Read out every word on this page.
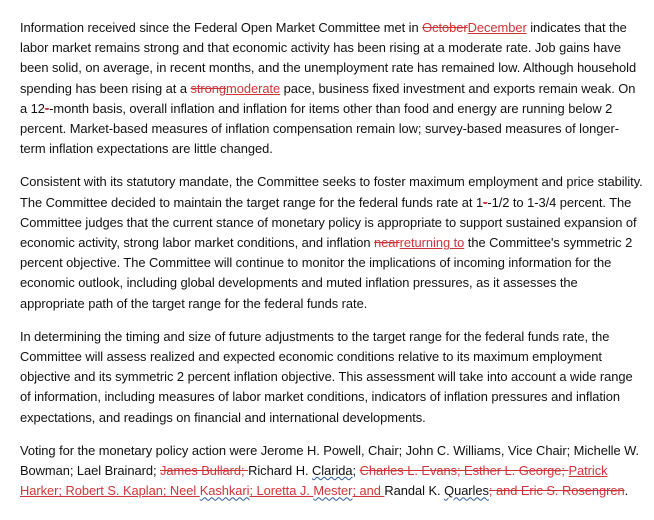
Information received since the Federal Open Market Committee met in OctoberDecember indicates that the labor market remains strong and that economic activity has been rising at a moderate rate. Job gains have been solid, on average, in recent months, and the unemployment rate has remained low. Although household spending has been rising at a strongmoderate pace, business fixed investment and exports remain weak. On a 12--month basis, overall inflation and inflation for items other than food and energy are running below 2 percent. Market-based measures of inflation compensation remain low; survey-based measures of longer-term inflation expectations are little changed.

Consistent with its statutory mandate, the Committee seeks to foster maximum employment and price stability. The Committee decided to maintain the target range for the federal funds rate at 1--1/2 to 1-3/4 percent. The Committee judges that the current stance of monetary policy is appropriate to support sustained expansion of economic activity, strong labor market conditions, and inflation nearreturning to the Committee's symmetric 2 percent objective. The Committee will continue to monitor the implications of incoming information for the economic outlook, including global developments and muted inflation pressures, as it assesses the appropriate path of the target range for the federal funds rate.

In determining the timing and size of future adjustments to the target range for the federal funds rate, the Committee will assess realized and expected economic conditions relative to its maximum employment objective and its symmetric 2 percent inflation objective. This assessment will take into account a wide range of information, including measures of labor market conditions, indicators of inflation pressures and inflation expectations, and readings on financial and international developments.

Voting for the monetary policy action were Jerome H. Powell, Chair; John C. Williams, Vice Chair; Michelle W. Bowman; Lael Brainard; James Bullard; Richard H. Clarida; Charles L. Evans; Esther L. George; Patrick Harker; Robert S. Kaplan; Neel Kashkari; Loretta J. Mester; and Randal K. Quarles; and Eric S. Rosengren.
